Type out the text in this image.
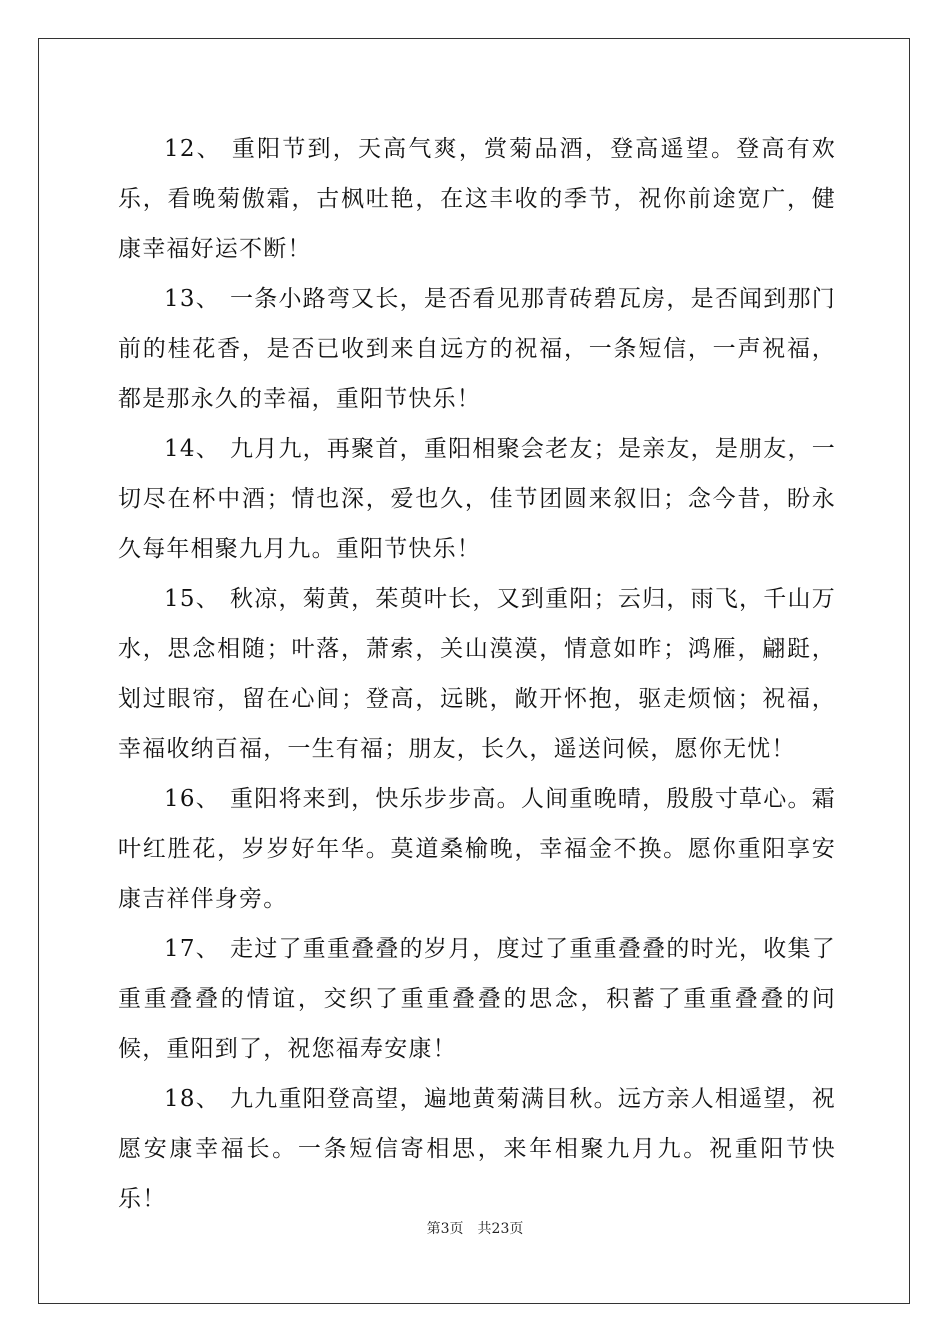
12、 重阳节到，天高气爽，赏菊品酒，登高遥望。登高有欢乐，看晚菊傲霜，古枫吐艳，在这丰收的季节，祝你前途宽广，健康幸福好运不断！

13、 一条小路弯又长，是否看见那青砖碧瓦房，是否闻到那门前的桂花香，是否已收到来自远方的祝福，一条短信，一声祝福，都是那永久的幸福，重阳节快乐！

14、 九月九，再聚首，重阳相聚会老友；是亲友，是朋友，一切尽在杯中酒；情也深，爱也久，佳节团圆来叙旧；念今昔，盼永久每年相聚九月九。重阳节快乐！

15、 秋凉，菊黄，茱萸叶长，又到重阳；云归，雨飞，千山万水，思念相随；叶落，萧索，关山漠漠，情意如昨；鸿雁，翩跹，划过眼帘，留在心间；登高，远眺，敞开怀抱，驱走烦恼；祝福，幸福收纳百福，一生有福；朋友，长久，遥送问候，愿你无忧！

16、 重阳将来到，快乐步步高。人间重晚晴，殷殷寸草心。霜叶红胜花，岁岁好年华。莫道桑榆晚，幸福金不换。愿你重阳享安康吉祥伴身旁。

17、 走过了重重叠叠的岁月，度过了重重叠叠的时光，收集了重重叠叠的情谊，交织了重重叠叠的思念，积蓄了重重叠叠的问候，重阳到了，祝您福寿安康！

18、 九九重阳登高望，遍地黄菊满目秋。远方亲人相遥望，祝愿安康幸福长。一条短信寄相思，来年相聚九月九。祝重阳节快乐！

第3页 共23页
